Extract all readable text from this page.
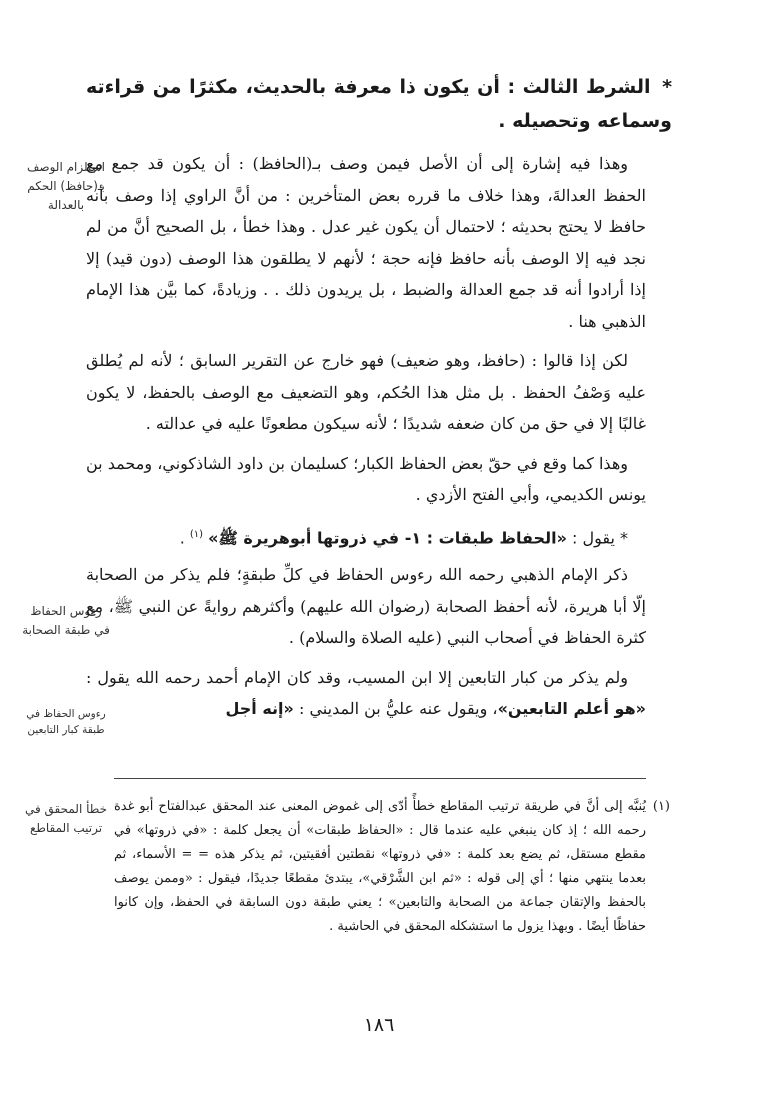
* الشرط الثالث : أن يكون ذا معرفة بالحديث، مكثرًا من قراءته وسماعه وتحصيله .
استلزام الوصف بـ(حافظ) الحكم بالعدالة
رءوس الحفاظ في طبقة الصحابة
رءوس الحفاظ في طبقة كبار التابعين
خطأ المحقق في ترتيب المقاطع

وهذا فيه إشارة إلى أن الأصل فيمن وصف بـ(الحافظ) : أن يكون قد جمع مع الحفظ العدالةَ، وهذا خلاف ما قرره بعض المتأخرين : من أنَّ الراوي إذا وصف بأنه حافظ لا يحتج بحديثه ؛ لاحتمال أن يكون غير عدل . وهذا خطأ ، بل الصحيح أنَّ من لم نجد فيه إلا الوصف بأنه حافظ فإنه حجة ؛ لأنهم لا يطلقون هذا الوصف (دون قيد) إلا إذا أرادوا أنه قد جمع العدالة والضبط ، بل يريدون ذلك . . وزيادةً، كما بيَّن هذا الإمام الذهبي هنا .

لكن إذا قالوا : (حافظ، وهو ضعيف) فهو خارج عن التقرير السابق ؛ لأنه لم يُطلق عليه وَصْفُ الحفظ . بل مثل هذا الحُكم، وهو التضعيف مع الوصف بالحفظ، لا يكون غالبًا إلا في حق من كان ضعفه شديدًا ؛ لأنه سيكون مطعونًا عليه في عدالته .

وهذا كما وقع في حقّ بعض الحفاظ الكبار؛ كسليمان بن داود الشاذكوني، ومحمد بن يونس الكديمي، وأبي الفتح الأزدي .

* يقول : «الحفاظ طبقات : ١- في ذروتها أبوهريرة ﷺ» $^{(١)}$ .

ذكر الإمام الذهبي رحمه الله رءوس الحفاظ في كلِّ طبقةٍ؛ فلم يذكر من الصحابة إلّا أبا هريرة، لأنه أحفظ الصحابة (رضوان الله عليهم) وأكثرهم روايةً عن النبي ﷺ، مع كثرة الحفاظ في أصحاب النبي (عليه الصلاة والسلام) .

ولم يذكر من كبار التابعين إلا ابن المسيب، وقد كان الإمام أحمد رحمه الله يقول : «هو أعلم التابعين»، ويقول عنه عليُّ بن المديني : «إنه أجل

(١)
يُنبَّه إلى أنَّ في طريقة ترتيب المقاطع خطأً أدّى إلى غموض المعنى عند المحقق عبدالفتاح أبو غدة رحمه الله ؛ إذ كان ينبغي عليه عندما قال : «الحفاظ طبقات» أن يجعل كلمة : «في ذروتها» في مقطع مستقل، ثم يضع بعد كلمة : «في ذروتها» نقطتين أفقيتين، ثم يذكر هذه = = الأسماء، ثم بعدما ينتهي منها ؛ أي إلى قوله : «ثم ابن الشَّرْقي»، يبتدئ مقطعًا جديدًا، فيقول : «وممن يوصف بالحفظ والإتقان جماعة من الصحابة والتابعين» ؛ يعني طبقة دون السابقة في الحفظ، وإن كانوا حفاظًا أيضًا . وبهذا يزول ما استشكله المحقق في الحاشية .
١٨٦
